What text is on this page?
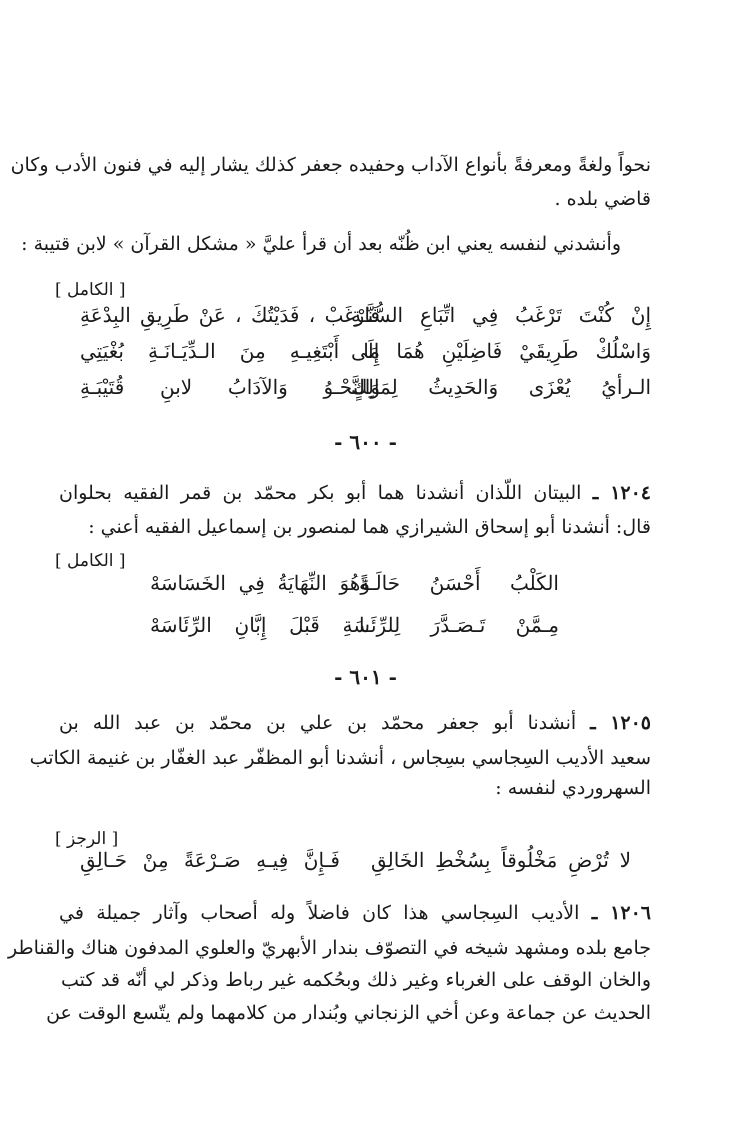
نحواً ولغةً ومعرفةً بأنواع الآداب وحفيده جعفر كذلك يشار إليه في فنون الأدب وكان
قاضي بلده .
وأنشدني لنفسه يعني ابن ظُنّه بعد أن قرأ عليَّ « مشكل القرآن » لابن قتيبة :
[ الكامل ]
إِنْ كُنْتَ تَرْغَبُ فِي اتِّبَاعِ السُّنَّـةِ
فَارْغَبْ ، فَدَيْتُكَ ، عَنْ طَرِيقِ البِدْعَةِ
وَاسْلُكْ طَرِيقَيْ فَاضِلَيْنِ هُمَا إِلَى
مَا أَبْتَغِيـهِ مِنَ الـدِّيَـانَـةِ بُغْيَتِي
الـرأيُ يُعْزَى وَالحَدِيثُ لِمَالِكٍ
وَالنَّحْـوُ وَالآدَابُ لابنِ قُتَيْبَـةِ
- ٦٠٠ -
١٢٠٤ ـ البيتان اللّذان أنشدنا هما أبو بكر محمّد بن قمر الفقيه بحلوان
قال: أنشدنا أبو إسحاق الشيرازي هما لمنصور بن إسماعيل الفقيه أعني :
[ الكامل ]
الكَلْبُ أَحْسَنُ حَالَـةً
وَهُوَ النِّهَايَةُ فِي الخَسَاسَهْ
مِـمَّنْ تَـصَـدَّرَ لِلرِّئَـا
سَةِ قَبْلَ إِبَّانِ الرِّئَاسَهْ
- ٦٠١ -
١٢٠٥ ـ أنشدنا أبو جعفر محمّد بن علي بن محمّد بن عبد الله بن
سعيد الأديب السِجاسي بسِجاس ، أنشدنا أبو المظفّر عبد الغفّار بن غنيمة الكاتب
السهروردي لنفسه :
[ الرجز ]
لا تُرْضِ مَخْلُوقاً بِسُخْطِ الخَالِقِ
فَـإِنَّ فِيـهِ صَـرْعَةً مِنْ حَـالِقِ
١٢٠٦ ـ الأديب السِجاسي هذا كان فاضلاً وله أصحاب وآثار جميلة في
جامع بلده ومشهد شيخه في التصوّف بندار الأبهريّ والعلوي المدفون هناك والقناطر
والخان الوقف على الغرباء وغير ذلك وبحُكمه غير رباط وذكر لي أنّه قد كتب
الحديث عن جماعة وعن أخي الزنجاني وبُندار من كلامهما ولم يتّسع الوقت عن
